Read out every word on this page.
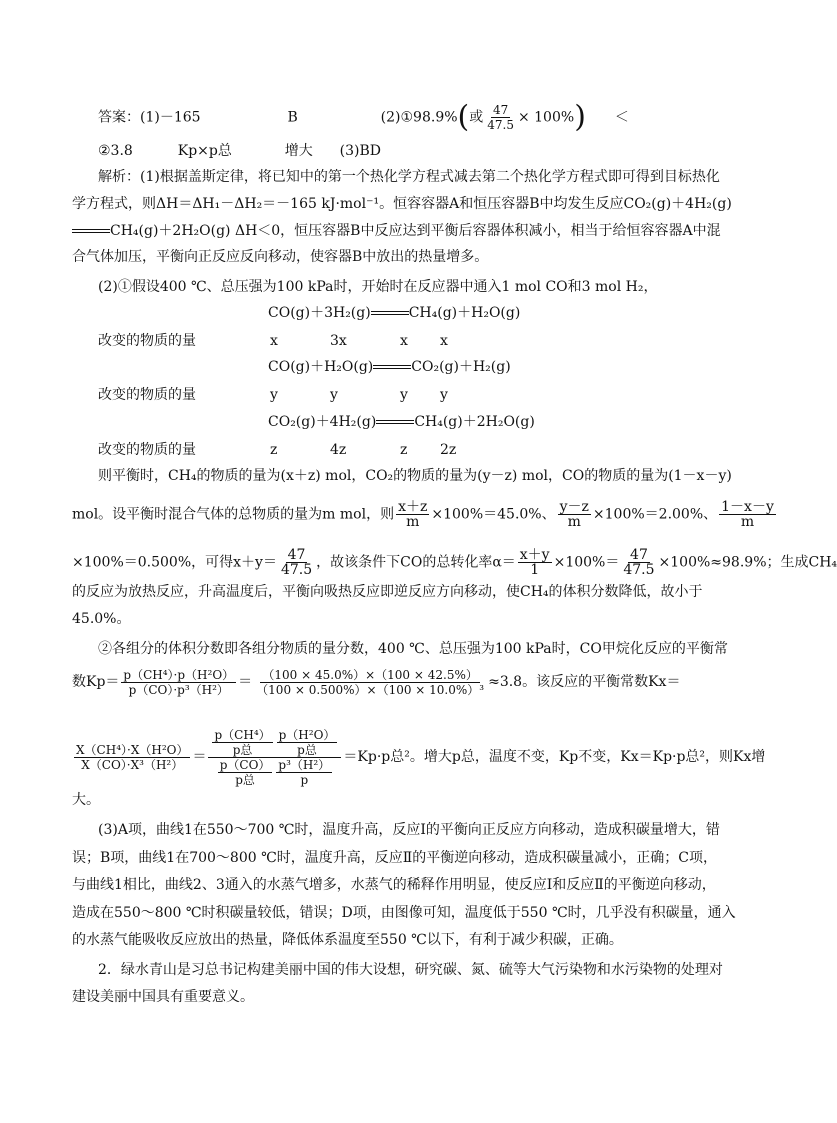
答案：(1)－165	B	(2)①98.9%(或 $\frac{47}{47.5} \times 100\%$) ＜
②3.8	Kp×p总	增大 (3)BD
解析：(1)根据盖斯定律，将已知中的第一个热化学方程式减去第二个热化学方程式即可得到目标热化
学方程式，则ΔH＝ΔH₁－ΔH₂＝－165 kJ·mol⁻¹。恒容容器A和恒压容器B中均发生反应CO₂(g)＋4H₂(g)
CH₄(g)＋2H₂O(g) ΔH＜0，恒压容器B中反应达到平衡后容器体积减小，相当于给恒容容器A中混
合气体加压，平衡向正反应反向移动，使容器B中放出的热量增多。
(2)①假设400 ℃、总压强为100 kPa时，开始时在反应器中通入1 mol CO和3 mol H₂，
CO(g)＋3H₂(g)	CH₄(g)＋H₂O(g)
改变的物质的量	x	3x	x x
CO(g)＋H₂O(g)	CO₂(g)＋H₂(g)
改变的物质的量	y	y	y y
CO₂(g)＋4H₂(g)	CH₄(g)＋2H₂O(g)
改变的物质的量	z	4z	z 2z
则平衡时，CH₄的物质的量为(x＋z) mol，CO₂的物质的量为(y－z) mol，CO的物质的量为(1－x－y)
mol。设平衡时混合气体的总物质的量为m mol，则 $\frac{x+z}{m} \times 100\%=45.0\%$、 $\frac{y-z}{m} \times 100\%=2.00\%$、 $\frac{1-x-y}{m}$
×100%＝0.500%，可得$x+y= \frac{47}{47.5}$ ，故该条件下CO的总转化率$\alpha= \frac{x+y}{1} \times 100\%= \frac{47}{47.5} \times 100\%\approx 98.9\%$；生成CH₄
的反应为放热反应，升高温度后，平衡向吸热反应即逆反应方向移动，使CH₄的体积分数降低，故小于
45.0%。
②各组分的体积分数即各组分物质的量分数，400 ℃、总压强为100 kPa时，CO甲烷化反应的平衡常
数$Kp= \frac{\text{p（CH⁴）·p（H²O）}}{\text{p（CO）·p³（H²）}} = \frac{(100 \times 45.0\%)\times(100 \times 42.5\%)}{\text{（100 × 0.500\%）×（100 × 10.0\%）³}} \approx 3.8$。该反应的平衡常数Kx＝
$\frac{\text{X（CH⁴）·X（H²O）}}{\text{X（CO）·X³（H²）}} = \frac{\frac{\text{p（CH⁴）}}{\text{p总}} \frac{\text{p（H²O）}}{\text{p总}}}{\frac{p(CO)}{\text{p总}} \frac{\text{p³（H²）}}{p}} =Kp\cdot p$总²。增大p总，温度不变，Kp不变，Kx＝Kp·p总²，则Kx增
大。
(3)A项，曲线1在550～700 ℃时，温度升高，反应Ⅰ的平衡向正反应方向移动，造成积碳量增大，错
误；B项，曲线1在700～800 ℃时，温度升高，反应Ⅱ的平衡逆向移动，造成积碳量减小，正确；C项，
与曲线1相比，曲线2、3通入的水蒸气增多，水蒸气的稀释作用明显，使反应Ⅰ和反应Ⅱ的平衡逆向移动，
造成在550～800 ℃时积碳量较低，错误；D项，由图像可知，温度低于550 ℃时，几乎没有积碳量，通入
的水蒸气能吸收反应放出的热量，降低体系温度至550 ℃以下，有利于减少积碳，正确。
2．绿水青山是习总书记构建美丽中国的伟大设想，研究碳、氮、硫等大气污染物和水污染物的处理对
建设美丽中国具有重要意义。
